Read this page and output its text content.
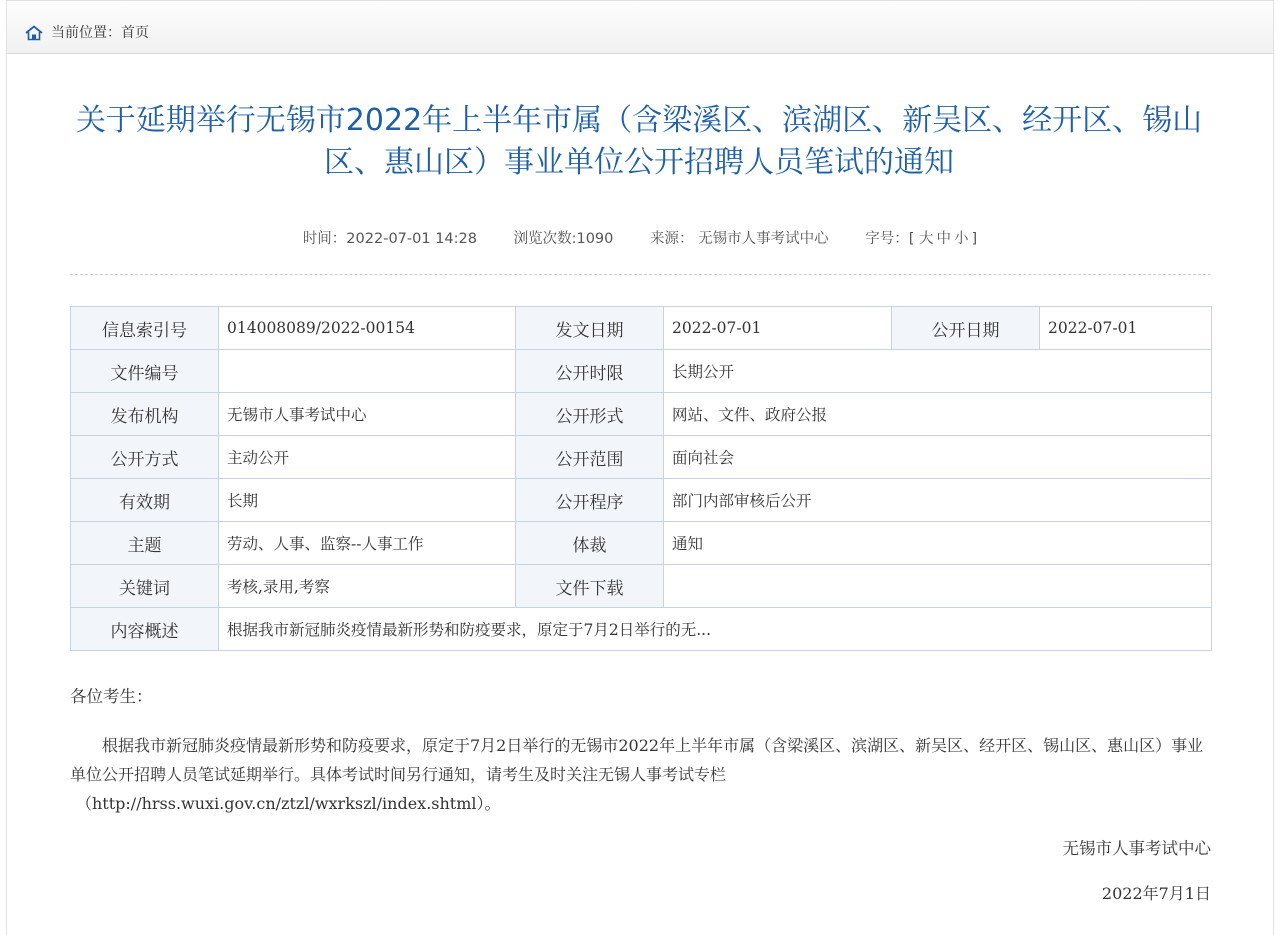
当前位置：首页
关于延期举行无锡市2022年上半年市属（含梁溪区、滨湖区、新吴区、经开区、锡山区、惠山区）事业单位公开招聘人员笔试的通知
时间：2022-07-01 14:28	浏览次数:1090	来源： 无锡市人事考试中心	字号：[ 大中小]
信息索引号	014008089/2022-00154	发文日期	2022-07-01	公开日期	2022-07-01
文件编号		公开时限	长期公开		
发布机构	无锡市人事考试中心	公开形式	网站、文件、政府公报		
公开方式	主动公开	公开范围	面向社会		
有效期	长期	公开程序	部门内部审核后公开		
主题	劳动、人事、监察--人事工作	体裁	通知		
关键词	考核,录用,考察	文件下载			
内容概述	根据我市新冠肺炎疫情最新形势和防疫要求，原定于7月2日举行的无...				
各位考生：

根据我市新冠肺炎疫情最新形势和防疫要求，原定于7月2日举行的无锡市2022年上半年市属（含梁溪区、滨湖区、新吴区、经开区、锡山区、惠山区）事业单位公开招聘人员笔试延期举行。具体考试时间另行通知，请考生及时关注无锡人事考试专栏
（http://hrss.wuxi.gov.cn/ztzl/wxrkszl/index.shtml）。

无锡市人事考试中心
2022年7月1日
